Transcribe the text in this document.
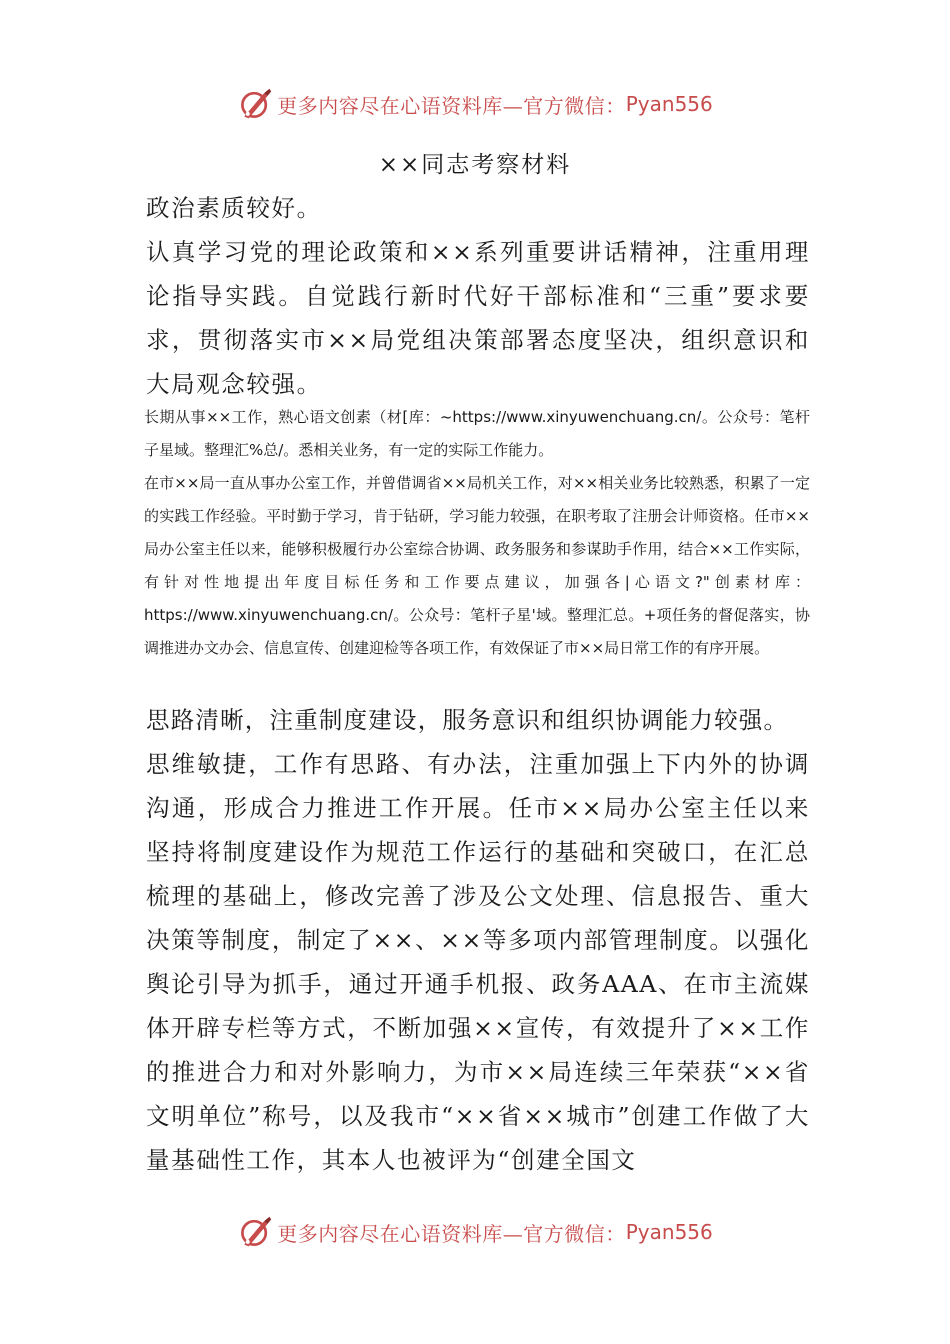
更多内容尽在心语资料库—官方微信： Pyan556
××同志考察材料

政治素质较好。

认真学习党的理论政策和××系列重要讲话精神，注重用理论指导实践。自觉践行新时代好干部标准和“三重”要求要求，贯彻落实市××局党组决策部署态度坚决，组织意识和大局观念较强。

长期从事××工作，熟心语文创素（材[库：~https://www.xinyuwenchuang.cn/。公众号：笔杆子星域。整理汇%总/。悉相关业务，有一定的实际工作能力。

在市××局一直从事办公室工作，并曾借调省××局机关工作，对××相关业务比较熟悉，积累了一定的实践工作经验。平时勤于学习，肯于钻研，学习能力较强，在职考取了注册会计师资格。任市××局办公室主任以来，能够积极履行办公室综合协调、政务服务和参谋助手作用，结合××工作实际，有针对性地提出年度目标任务和工作要点建议，加强各|心语文?"创素材库：https://www.xinyuwenchuang.cn/。公众号：笔杆子星'域。整理汇总。+项任务的督促落实，协调推进办文办会、信息宣传、创建迎检等各项工作，有效保证了市××局日常工作的有序开展。

思路清晰，注重制度建设，服务意识和组织协调能力较强。

思维敏捷，工作有思路、有办法，注重加强上下内外的协调沟通，形成合力推进工作开展。任市××局办公室主任以来坚持将制度建设作为规范工作运行的基础和突破口，在汇总梳理的基础上，修改完善了涉及公文处理、信息报告、重大决策等制度，制定了××、××等多项内部管理制度。以强化舆论引导为抓手，通过开通手机报、政务AAA、在市主流媒体开辟专栏等方式，不断加强××宣传，有效提升了××工作的推进合力和对外影响力，为市××局连续三年荣获“××省文明单位”称号，以及我市“××省××城市”创建工作做了大量基础性工作，其本人也被评为“创建全国文

更多内容尽在心语资料库—官方微信： Pyan556
